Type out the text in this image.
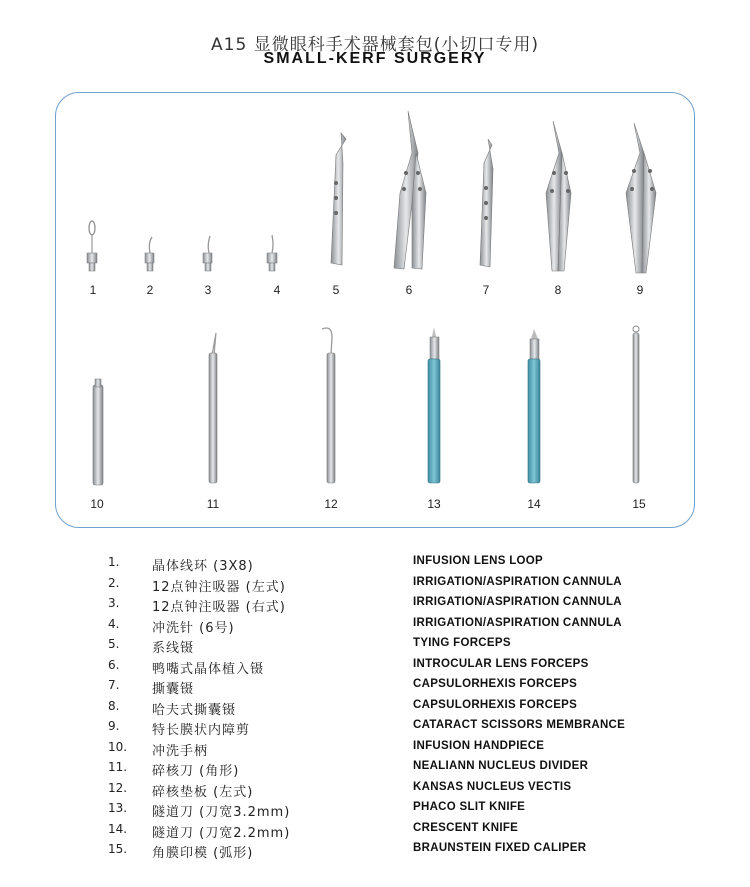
A15 显微眼科手术器械套包(小切口专用)
SMALL-KERF SURGERY
1	2	3	4	5	6	7	8	9
10	11	12	13	14	15
1.	晶体线环 (3X8)	INFUSION LENS LOOP
2.	12点钟注吸器 (左式)	IRRIGATION/ASPIRATION CANNULA
3.	12点钟注吸器 (右式)	IRRIGATION/ASPIRATION CANNULA
4.	冲洗针 (6号)	IRRIGATION/ASPIRATION CANNULA
5.	系线镊	TYING FORCEPS
6.	鸭嘴式晶体植入镊	INTROCULAR LENS FORCEPS
7.	撕囊镊	CAPSULORHEXIS FORCEPS
8.	哈夫式撕囊镊	CAPSULORHEXIS FORCEPS
9.	特长膜状内障剪	CATARACT SCISSORS MEMBRANCE
10.	冲洗手柄	INFUSION HANDPIECE
11.	碎核刀 (角形)	NEALIANN NUCLEUS DIVIDER
12.	碎核垫板 (左式)	KANSAS NUCLEUS VECTIS
13.	隧道刀 (刀宽3.2mm)	PHACO SLIT KNIFE
14.	隧道刀 (刀宽2.2mm)	CRESCENT KNIFE
15.	角膜印模 (弧形)	BRAUNSTEIN FIXED CALIPER
